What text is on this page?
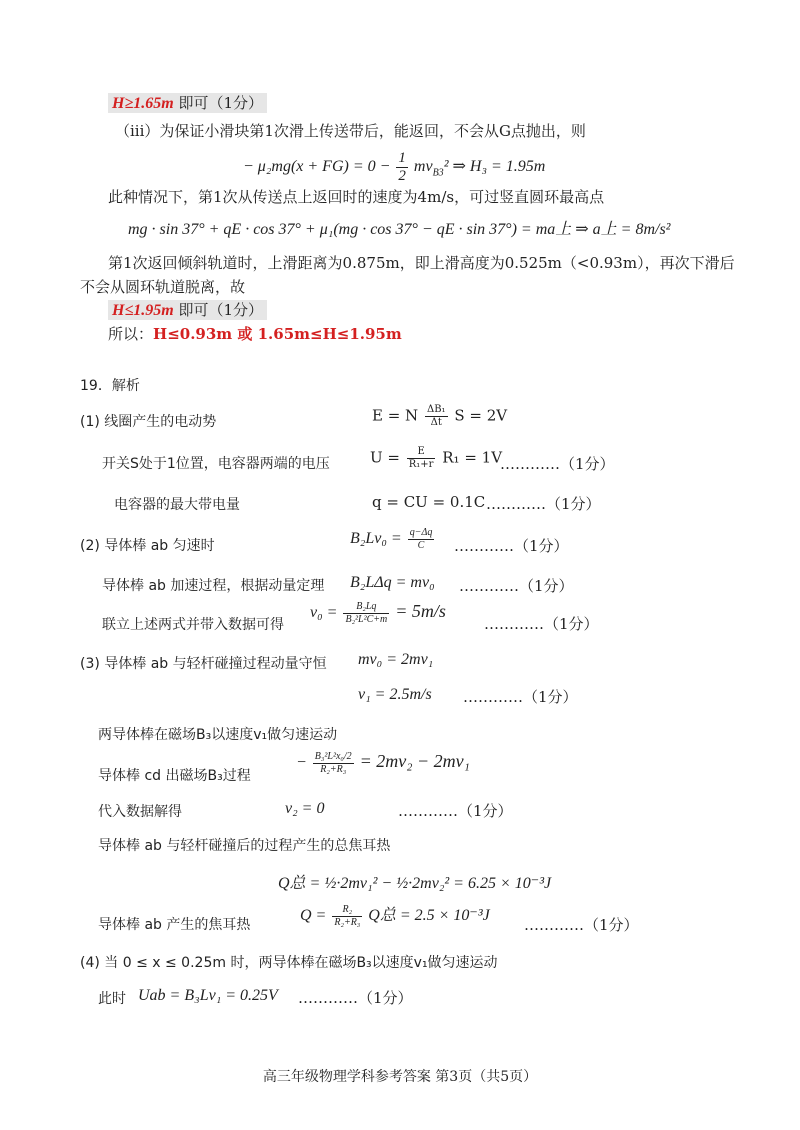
H≥1.65m 即可（1分）
（iii）为保证小滑块第1次滑上传送带后，能返回，不会从G点抛出，则
− $\mu_2mg(x + FG) = 0 - \frac{1}{2} mv_{B3}^2$ ⇒ H₃ = 1.95m
此种情况下，第1次从传送点上返回时的速度为4m/s，可过竖直圆环最高点
mg · sin 37° + qE · cos 37° + μ₁(mg · cos 37° − qE · sin 37°) = ma上 ⇒ a上 = 8m/s²
第1次返回倾斜轨道时，上滑距离为0.875m，即上滑高度为0.525m（<0.93m），再次下滑后
不会从圆环轨道脱离，故
H≤1.95m 即可（1分）
所以：H≤0.93m 或 1.65m≤H≤1.95m
19．解析
(1) 线圈产生的电动势	E = N $\frac{\text{ΔB₁}}{\Delta t}$ S = 2V
开关S处于1位置，电容器两端的电压	$U = \frac{E}{\text{R₁+r}} R_1 = 1V$
…………（1分）
电容器的最大带电量	q = CU = 0.1C …………（1分）
(2) 导体棒 ab 匀速时	$B_2Lv_0 = \frac{q-\Delta q}{C}$ …………（1分）
导体棒 ab 加速过程，根据动量定理 B₂LΔq = mv₀ …………（1分）
联立上述两式并带入数据可得
$v_0 = \frac{\text{B₂Lq}}{\text{B₂²L²C+m}} = 5m/s$
…………（1分）
(3) 导体棒 ab 与轻杆碰撞过程动量守恒 mv₀ = 2mv₁
v₁ = 2.5m/s …………（1分）
两导体棒在磁场B₃以速度v₁做匀速运动
导体棒 cd 出磁场B₃过程
− $\frac{\text{B₃²L²x₀/2}}{\text{R₂+R₃}} = 2mv_2 - 2mv_1$
代入数据解得	v₂ = 0	…………（1分）
导体棒 ab 与轻杆碰撞后的过程产生的总焦耳热
Q总 = ½·2mv₁² − ½·2mv₂² = 6.25 × 10⁻³J
导体棒 ab 产生的焦耳热
$Q = \frac{\text{R₂}}{\text{R₂+R₃}}$ Q总 = 2.5 × 10⁻³J
…………（1分）
(4) 当 0 ≤ x ≤ 0.25m 时，两导体棒在磁场B₃以速度v₁做匀速运动
此时 Uab = B₃Lv₁ = 0.25V …………（1分）
高三年级物理学科参考答案 第3页（共5页）
